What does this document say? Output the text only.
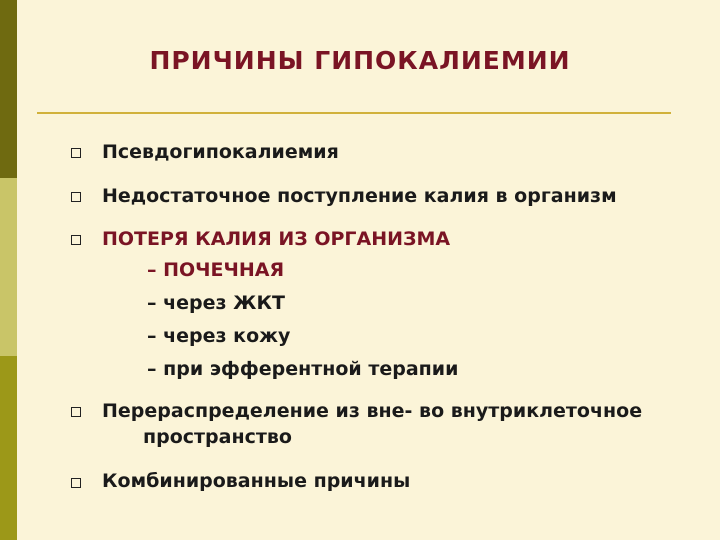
ПРИЧИНЫ ГИПОКАЛИЕМИИ
Псевдогипокалиемия
Недостаточное поступление калия в организм
ПОТЕРЯ КАЛИЯ ИЗ ОРГАНИЗМА
– ПОЧЕЧНАЯ
– через ЖКТ
– через кожу
– при эфферентной терапии
Перераспределение из вне- во внутриклеточное
пространство
Комбинированные причины
